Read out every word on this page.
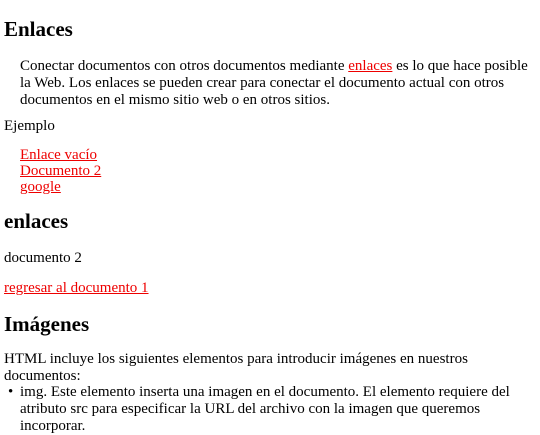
Enlaces

Conectar documentos con otros documentos mediante enlaces es lo que hace posible la Web. Los enlaces se pueden crear para conectar el documento actual con otros documentos en el mismo sitio web o en otros sitios.

Ejemplo

Enlace vacío
Documento 2
google
enlaces

documento 2

regresar al documento 1

Imágenes

HTML incluye los siguientes elementos para introducir imágenes en nuestros documentos:

• img. Este elemento inserta una imagen en el documento. El elemento requiere del atributo src para especificar la URL del archivo con la imagen que queremos incorporar.
